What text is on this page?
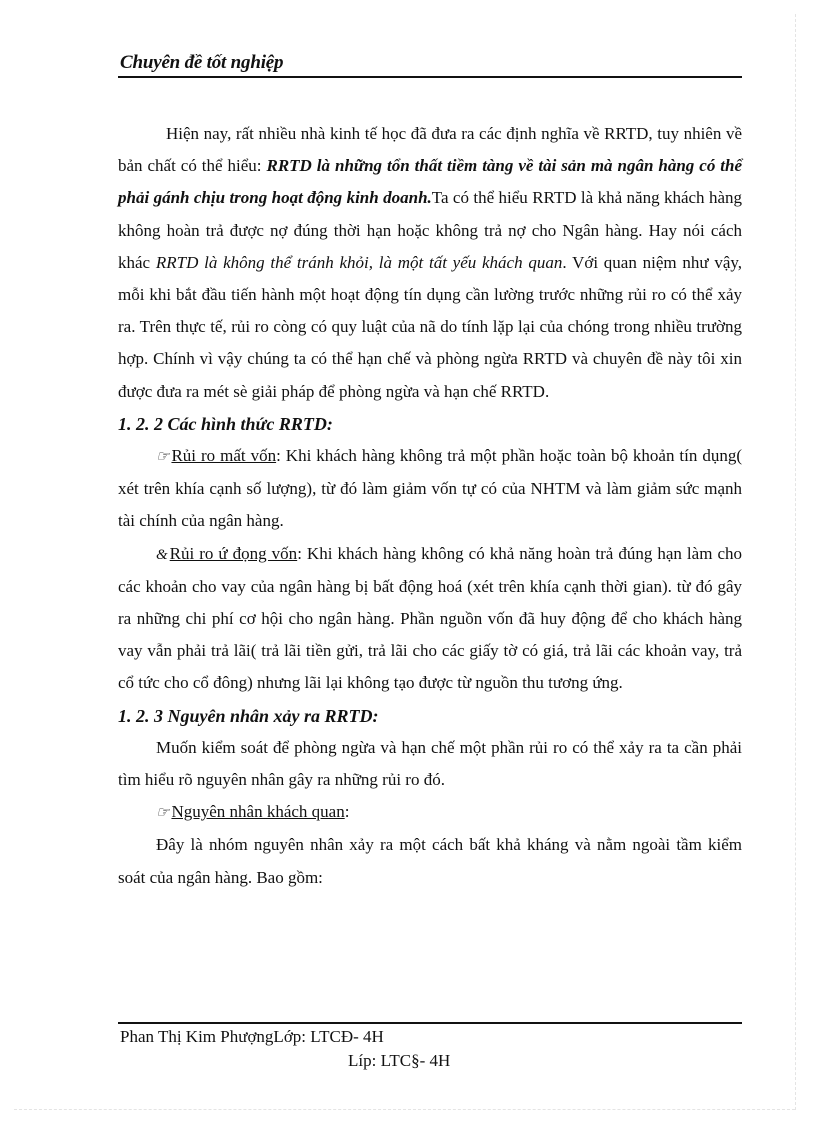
Chuyên đề tốt nghiệp

Hiện nay, rất nhiều nhà kinh tế học đã đưa ra các định nghĩa về RRTD, tuy nhiên về bản chất có thể hiểu: RRTD là những tổn thất tiềm tàng về tài sản mà ngân hàng có thể phải gánh chịu trong hoạt động kinh doanh.Ta có thể hiểu RRTD là khả năng khách hàng không hoàn trả được nợ đúng thời hạn hoặc không trả nợ cho Ngân hàng. Hay nói cách khác RRTD là không thể tránh khỏi, là một tất yếu khách quan. Với quan niệm như vậy, mỗi khi bắt đầu tiến hành một hoạt động tín dụng cần lường trước những rủi ro có thể xảy ra. Trên thực tế, rủi ro còng có quy luật của nã do tính lặp lại của chóng trong nhiều trường hợp. Chính vì vậy chúng ta có thể hạn chế và phòng ngừa RRTD và chuyên đề này tôi xin được đưa ra mét sè giải pháp để phòng ngừa và hạn chế RRTD.

1. 2. 2 Các hình thức RRTD:

☞ Rủi ro mất vốn: Khi khách hàng không trả một phần hoặc toàn bộ khoản tín dụng( xét trên khía cạnh số lượng), từ đó làm giảm vốn tự có của NHTM và làm giảm sức mạnh tài chính của ngân hàng.

& Rủi ro ứ đọng vốn: Khi khách hàng không có khả năng hoàn trả đúng hạn làm cho các khoản cho vay của ngân hàng bị bất động hoá (xét trên khía cạnh thời gian). từ đó gây ra những chi phí cơ hội cho ngân hàng. Phần nguồn vốn đã huy động để cho khách hàng vay vẫn phải trả lãi( trả lãi tiền gửi, trả lãi cho các giấy tờ có giá, trả lãi các khoản vay, trả cổ tức cho cổ đông) nhưng lãi lại không tạo được từ nguồn thu tương ứng.

1. 2. 3 Nguyên nhân xảy ra RRTD:

Muốn kiểm soát để phòng ngừa và hạn chế một phần rủi ro có thể xảy ra ta cần phải tìm hiểu rõ nguyên nhân gây ra những rủi ro đó.

☞ Nguyên nhân khách quan:

Đây là nhóm nguyên nhân xảy ra một cách bất khả kháng và nằm ngoài tầm kiểm soát của ngân hàng. Bao gồm:

Phan Thị Kim PhượngLớp: LTCĐ- 4H
Líp: LTC§- 4H
